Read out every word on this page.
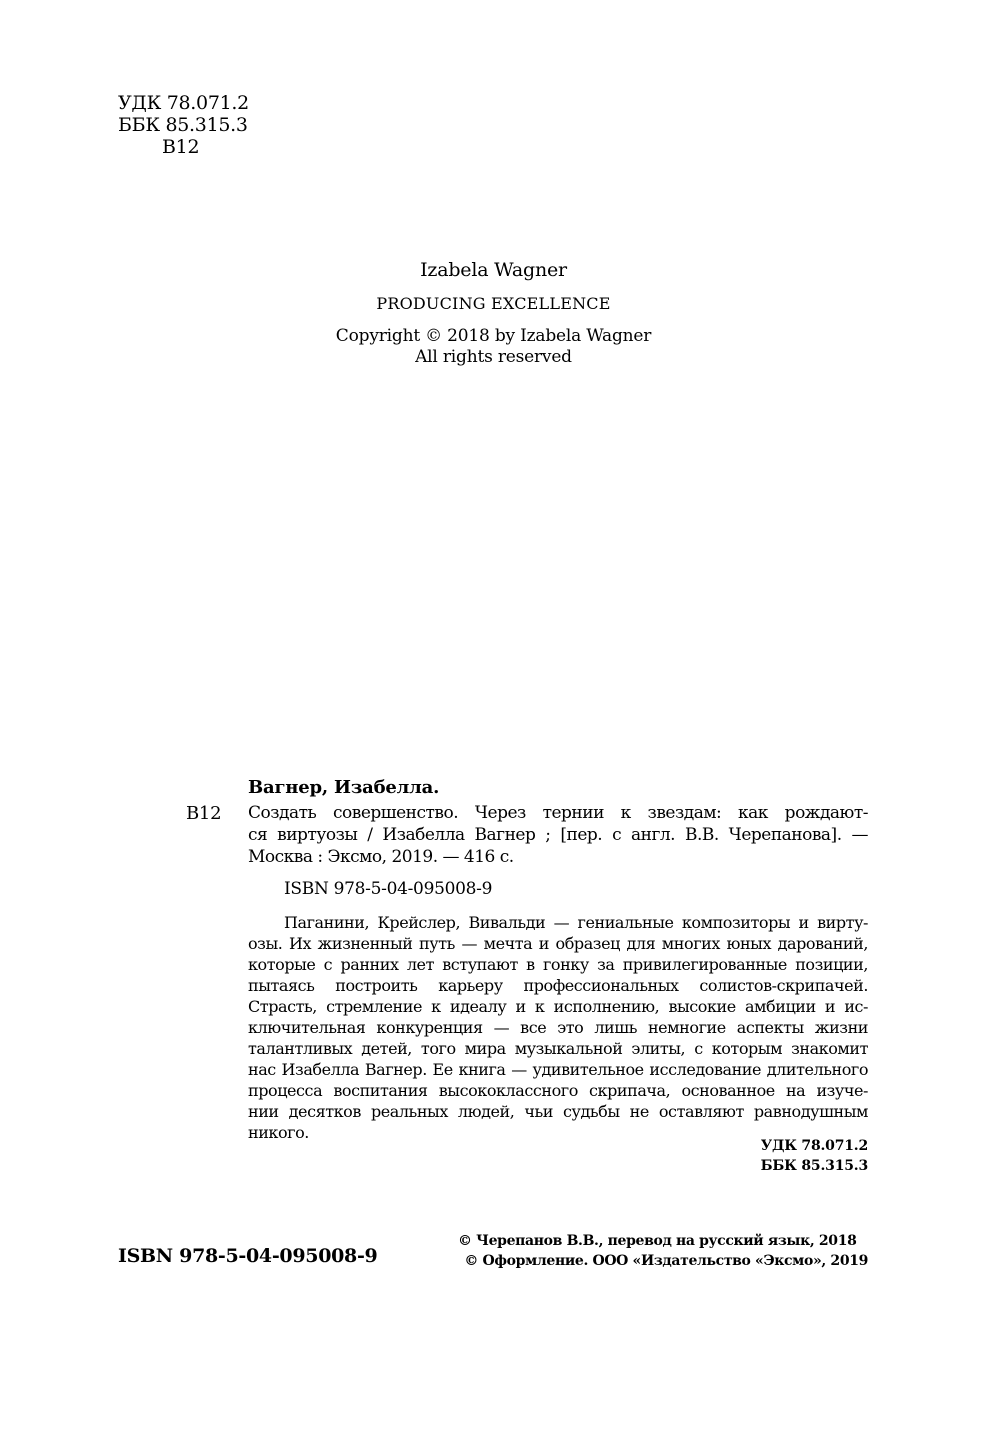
УДК 78.071.2
ББК 85.315.3
В12
Izabela Wagner
PRODUCING EXCELLENCE
Copyright © 2018 by Izabela Wagner
All rights reserved
Вагнер, Изабелла.
В12 Создать совершенство. Через тернии к звездам: как рождают-
ся виртуозы / Изабелла Вагнер ; [пер. с англ. В.В. Черепанова]. —
Москва : Эксмо, 2019. — 416 с.
ISBN 978-5-04-095008-9
Паганини, Крейслер, Вивальди — гениальные композиторы и вирту-
озы. Их жизненный путь — мечта и образец для многих юных дарований,
которые с ранних лет вступают в гонку за привилегированные позиции,
пытаясь построить карьеру профессиональных солистов-скрипачей.
Страсть, стремление к идеалу и к исполнению, высокие амбиции и ис-
ключительная конкуренция — все это лишь немногие аспекты жизни
талантливых детей, того мира музыкальной элиты, с которым знакомит
нас Изабелла Вагнер. Ее книга — удивительное исследование длительного
процесса воспитания высококлассного скрипача, основанное на изуче-
нии десятков реальных людей, чьи судьбы не оставляют равнодушным
никого.
УДК 78.071.2
ББК 85.315.3
ISBN 978-5-04-095008-9
© Черепанов В.В., перевод на русский язык, 2018
© Оформление. ООО «Издательство «Эксмо», 2019
